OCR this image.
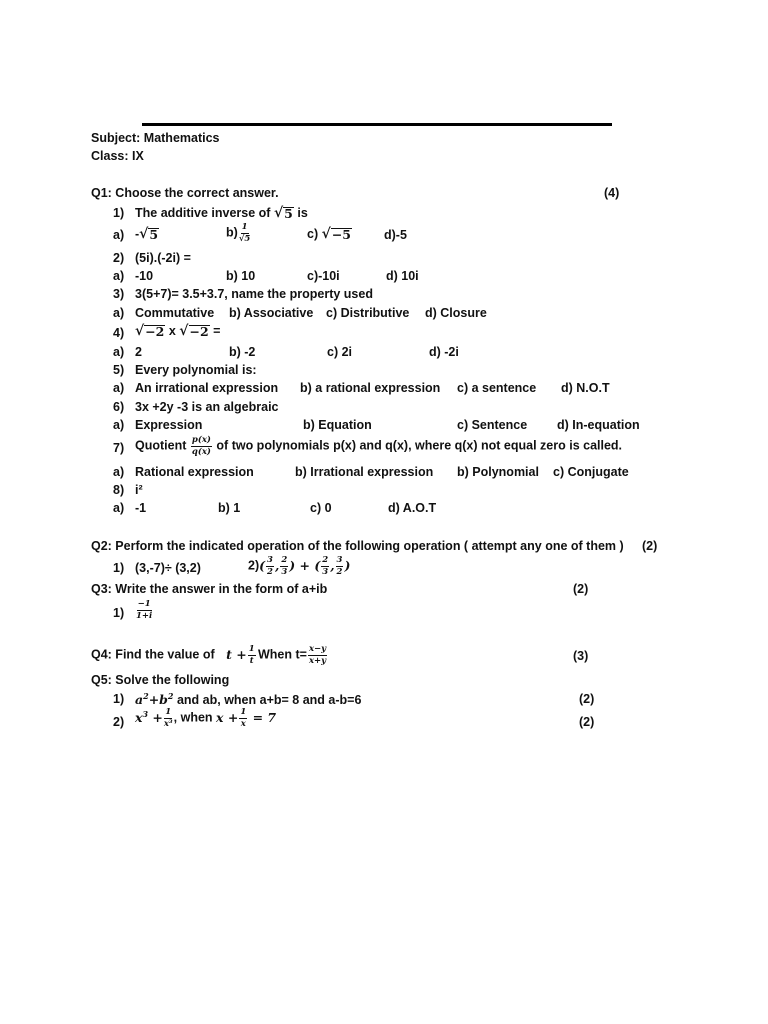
Subject: Mathematics
Class: IX
Q1: Choose the correct answer.	(4)
1) The additive inverse of √ 5 is
a) - √ 5	$b) \frac{1}{√5}$	c) √ −5	d)-5
2) (5i).(-2i) =
a) -10	b) 10	c)-10i	d) 10i
3) 3(5+7)= 3.5+3.7, name the property used
a) Commutative b) Associative c) Distributive d) Closure
4) √ −2 x √ −2 =
a) 2	b) -2	c) 2i	d) -2i
5) Every polynomial is:
a) An irrational expression b) a rational expression c) a sentence d) N.O.T
6) 3x +2y -3 is an algebraic
a) Expression	b) Equation	c) Sentence d) In-equation
7) Quotient $\frac{p(x)}{q(x)}$ of two polynomials p(x) and q(x), where q(x) not equal zero is called.
a) Rational expression	b) Irrational expression b) Polynomial c) Conjugate
8) i²
a) -1	b) 1	c) 0	d) A.O.T
Q2: Perform the indicated operation of the following operation ( attempt any one of them ) (2)
1) (3,-7)÷ (3,2)	$2)( \frac{3}{2}$ , $\frac{2}{3}$ ) + ( $\frac{2}{3}$ , $\frac{3}{2}$ )
Q3: Write the answer in the form of a+ib	(2)
$1) \frac{-1}{1+i}$
Q4: Find the value of $t + \frac{1}{t}$ When $t= \frac{x-y}{x+y}$	(3)
Q5: Solve the following
1) $a^2+b^2$ and ab, when a+b= 8 and a-b=6	(2)
2) $x^3 + \frac{1}{\text{x³}}$ , when $x + \frac{1}{x} = 7$	(2)
